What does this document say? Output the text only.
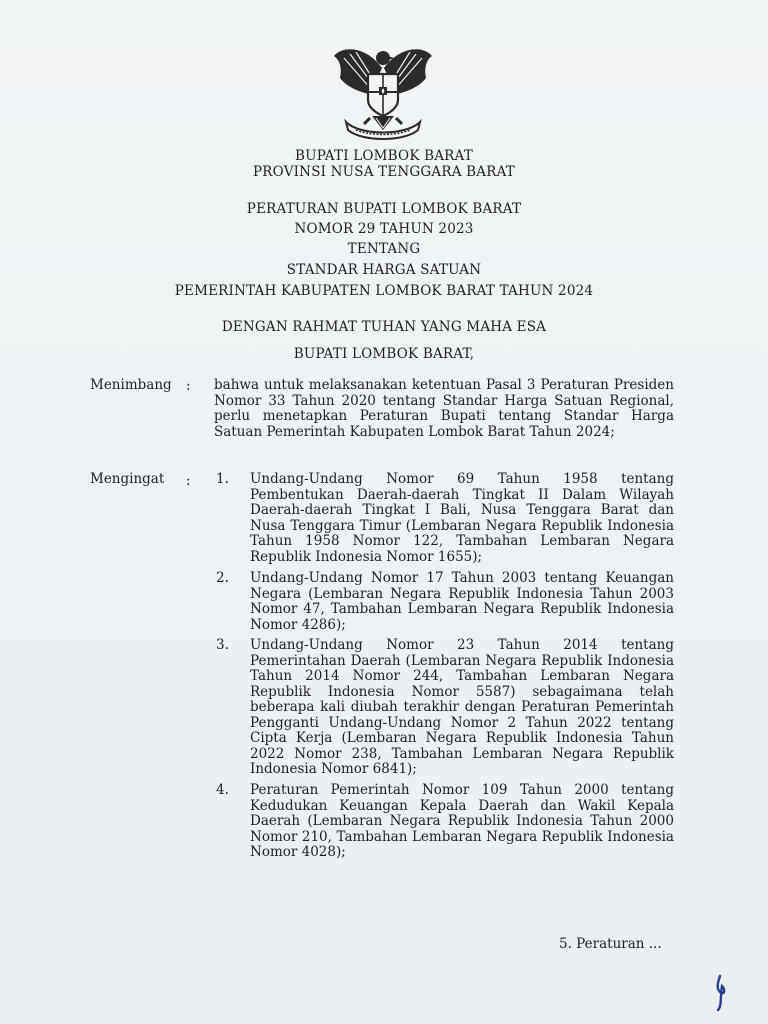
BUPATI LOMBOK BARAT
PROVINSI NUSA TENGGARA BARAT
PERATURAN BUPATI LOMBOK BARAT
NOMOR 29 TAHUN 2023
TENTANG
STANDAR HARGA SATUAN
PEMERINTAH KABUPATEN LOMBOK BARAT TAHUN 2024
DENGAN RAHMAT TUHAN YANG MAHA ESA
BUPATI LOMBOK BARAT,
Menimbang : bahwa untuk melaksanakan ketentuan Pasal 3 Peraturan Presiden Nomor 33 Tahun 2020 tentang Standar Harga Satuan Regional, perlu menetapkan Peraturan Bupati tentang Standar Harga Satuan Pemerintah Kabupaten Lombok Barat Tahun 2024;
Mengingat : 1. Undang-Undang Nomor 69 Tahun 1958 tentang Pembentukan Daerah-daerah Tingkat II Dalam Wilayah Daerah-daerah Tingkat I Bali, Nusa Tenggara Barat dan Nusa Tenggara Timur (Lembaran Negara Republik Indonesia Tahun 1958 Nomor 122, Tambahan Lembaran Negara Republik Indonesia Nomor 1655);
2. Undang-Undang Nomor 17 Tahun 2003 tentang Keuangan Negara (Lembaran Negara Republik Indonesia Tahun 2003 Nomor 47, Tambahan Lembaran Negara Republik Indonesia Nomor 4286);
3. Undang-Undang Nomor 23 Tahun 2014 tentang Pemerintahan Daerah (Lembaran Negara Republik Indonesia Tahun 2014 Nomor 244, Tambahan Lembaran Negara Republik Indonesia Nomor 5587) sebagaimana telah beberapa kali diubah terakhir dengan Peraturan Pemerintah Pengganti Undang-Undang Nomor 2 Tahun 2022 tentang Cipta Kerja (Lembaran Negara Republik Indonesia Tahun 2022 Nomor 238, Tambahan Lembaran Negara Republik Indonesia Nomor 6841);
4. Peraturan Pemerintah Nomor 109 Tahun 2000 tentang Kedudukan Keuangan Kepala Daerah dan Wakil Kepala Daerah (Lembaran Negara Republik Indonesia Tahun 2000 Nomor 210, Tambahan Lembaran Negara Republik Indonesia Nomor 4028);
5. Peraturan ...
